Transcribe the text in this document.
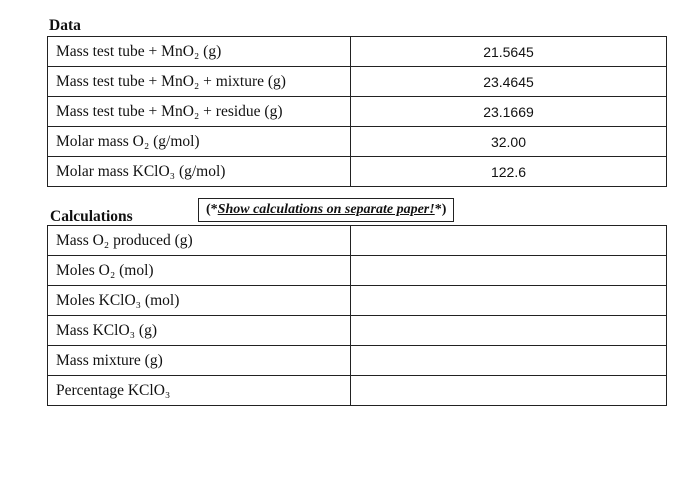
Data
Mass test tube + MnO₂ (g)	21.5645
Mass test tube + MnO₂ + mixture (g)	23.4645
Mass test tube + MnO₂ + residue (g)	23.1669
Molar mass O₂ (g/mol)	32.00
Molar mass KClO₃ (g/mol)	122.6
Calculations	(*Show calculations on separate paper!*)
Mass O₂ produced (g)	
Moles O₂ (mol)	
Moles KClO₃ (mol)	
Mass KClO₃ (g)	
Mass mixture (g)	
Percentage KClO₃	
